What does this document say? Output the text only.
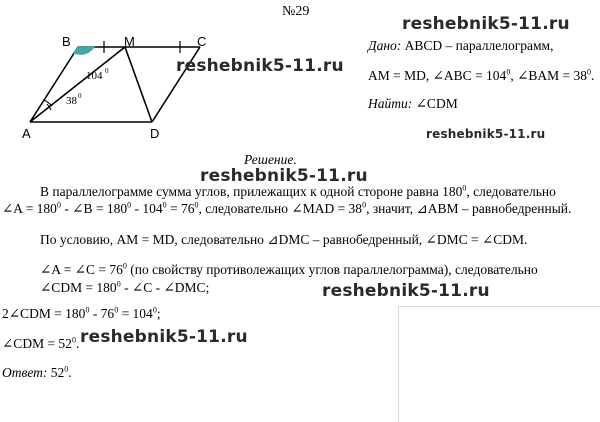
№29
B	M	C
A	D
104 0
38 0
reshebnik5-11.ru
reshebnik5-11.ru
reshebnik5-11.ru
reshebnik5-11.ru
reshebnik5-11.ru
reshebnik5-11.ru
Дано: ABCD – параллелограмм,
AM = MD, ∠ABC = $104^0$, ∠BAM = $38^0$.
Найти: ∠CDM
Решение.
В параллелограмме сумма углов, прилежащих к одной стороне равна $180^0$, следовательно
∠A = $180^0$ - ∠B = $180^0 - 104^0 = 76^0$, следовательно ∠MAD = $38^0$, значит, ⊿ABM – равнобедренный.
По условию, AM = MD, следовательно ⊿DMC – равнобедренный, ∠DMC = ∠CDM.
∠A = ∠C = $76^0$ (по свойству противолежащих углов параллелограмма), следовательно
∠CDM = $180^0$ - ∠C - ∠DMC;
2∠CDM = $180^0 - 76^0 = 104^0$;
∠CDM = $52^0$.
Ответ: $52^0$.
